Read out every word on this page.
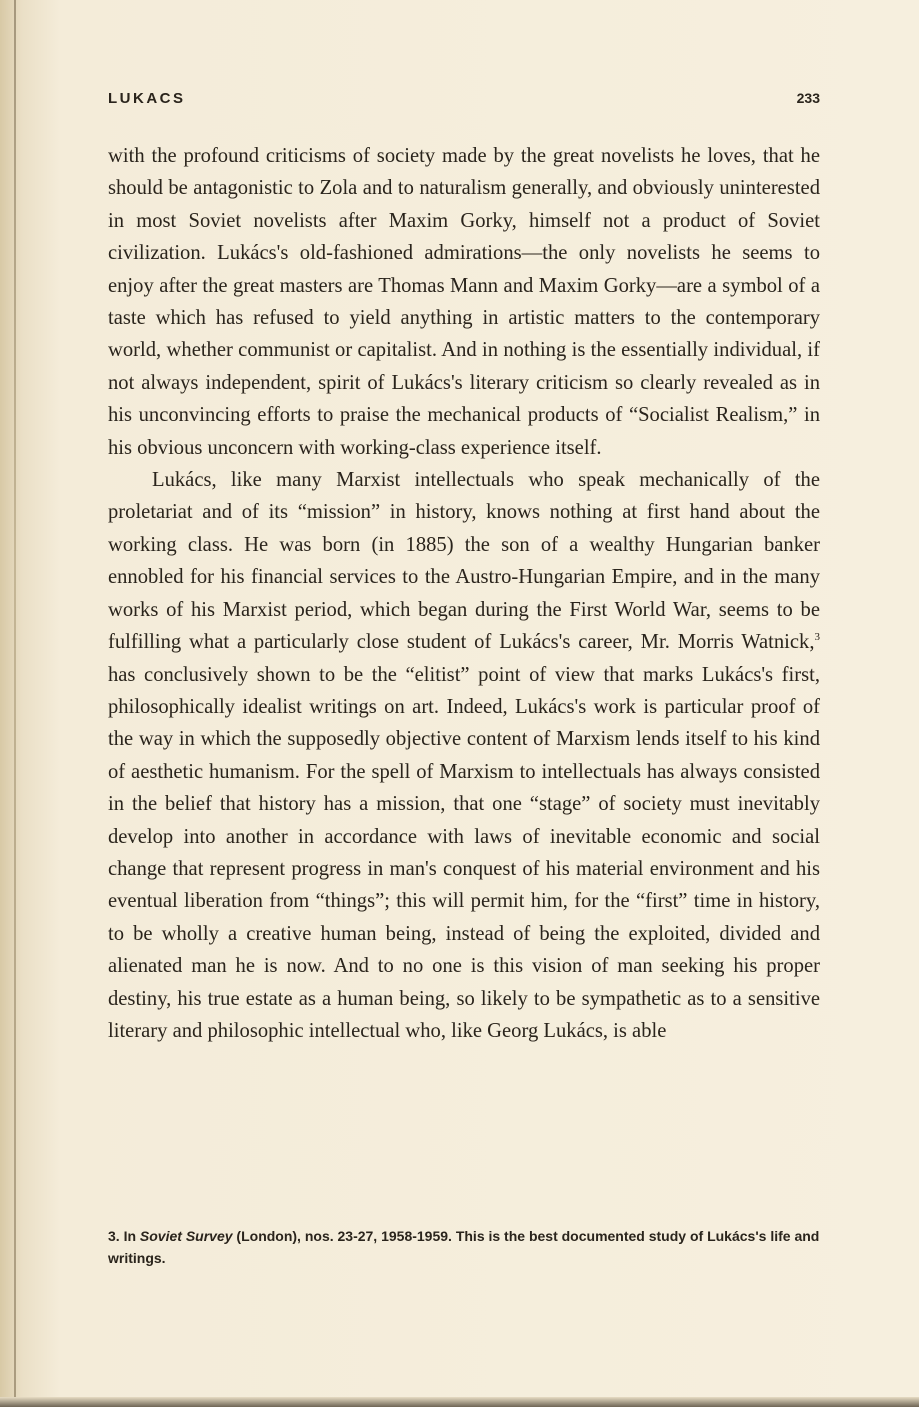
LUKACS	233

with the profound criticisms of society made by the great novelists he loves, that he should be antagonistic to Zola and to naturalism generally, and obviously uninterested in most Soviet novelists after Maxim Gorky, himself not a product of Soviet civilization. Lukács's old-fashioned admirations—the only novelists he seems to enjoy after the great masters are Thomas Mann and Maxim Gorky—are a symbol of a taste which has refused to yield anything in artistic matters to the contemporary world, whether communist or capitalist. And in nothing is the essentially individual, if not always independent, spirit of Lukács's literary criticism so clearly revealed as in his unconvincing efforts to praise the mechanical products of “Socialist Realism,” in his obvious unconcern with working-class experience itself.

Lukács, like many Marxist intellectuals who speak mechanically of the proletariat and of its “mission” in history, knows nothing at first hand about the working class. He was born (in 1885) the son of a wealthy Hungarian banker ennobled for his financial services to the Austro-Hungarian Empire, and in the many works of his Marxist period, which began during the First World War, seems to be fulfilling what a particularly close student of Lukács's career, Mr. Morris Watnick,$^3$ has conclusively shown to be the “elitist” point of view that marks Lukács's first, philosophically idealist writings on art. Indeed, Lukács's work is particular proof of the way in which the supposedly objective content of Marxism lends itself to his kind of aesthetic humanism. For the spell of Marxism to intellectuals has always consisted in the belief that history has a mission, that one “stage” of society must inevitably develop into another in accordance with laws of inevitable economic and social change that represent progress in man's conquest of his material environment and his eventual liberation from “things”; this will permit him, for the “first” time in history, to be wholly a creative human being, instead of being the exploited, divided and alienated man he is now. And to no one is this vision of man seeking his proper destiny, his true estate as a human being, so likely to be sympathetic as to a sensitive literary and philosophic intellectual who, like Georg Lukács, is able

3. In Soviet Survey (London), nos. 23-27, 1958-1959. This is the best documented study of Lukács's life and writings.
